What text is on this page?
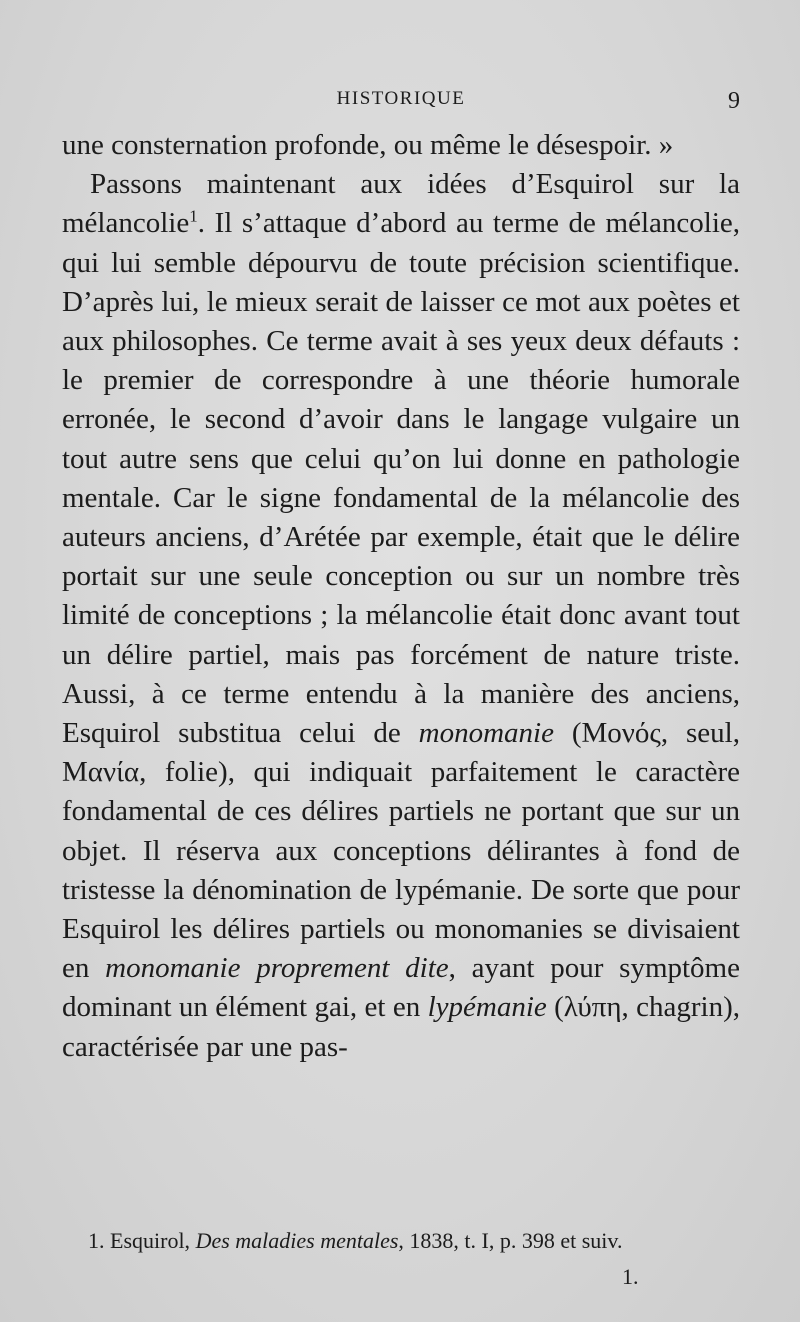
HISTORIQUE	9

une consternation profonde, ou même le désespoir. »

Passons maintenant aux idées d’Esquirol sur la mélancolie$^1$. Il s’attaque d’abord au terme de mélancolie, qui lui semble dépourvu de toute précision scientifique. D’après lui, le mieux serait de laisser ce mot aux poètes et aux philosophes. Ce terme avait à ses yeux deux défauts : le premier de correspondre à une théorie humorale erronée, le second d’avoir dans le langage vulgaire un tout autre sens que celui qu’on lui donne en pathologie mentale. Car le signe fondamental de la mélancolie des auteurs anciens, d’Arétée par exemple, était que le délire portait sur une seule conception ou sur un nombre très limité de conceptions ; la mélancolie était donc avant tout un délire partiel, mais pas forcément de nature triste. Aussi, à ce terme entendu à la manière des anciens, Esquirol substitua celui de monomanie (Μονός, seul, Μανία, folie), qui indiquait parfaitement le caractère fondamental de ces délires partiels ne portant que sur un objet. Il réserva aux conceptions délirantes à fond de tristesse la dénomination de lypémanie. De sorte que pour Esquirol les délires partiels ou monomanies se divisaient en monomanie proprement dite, ayant pour symptôme dominant un élément gai, et en lypémanie (λύπη, chagrin), caractérisée par une pas-

1. Esquirol, Des maladies mentales, 1838, t. I, p. 398 et suiv.
1.
